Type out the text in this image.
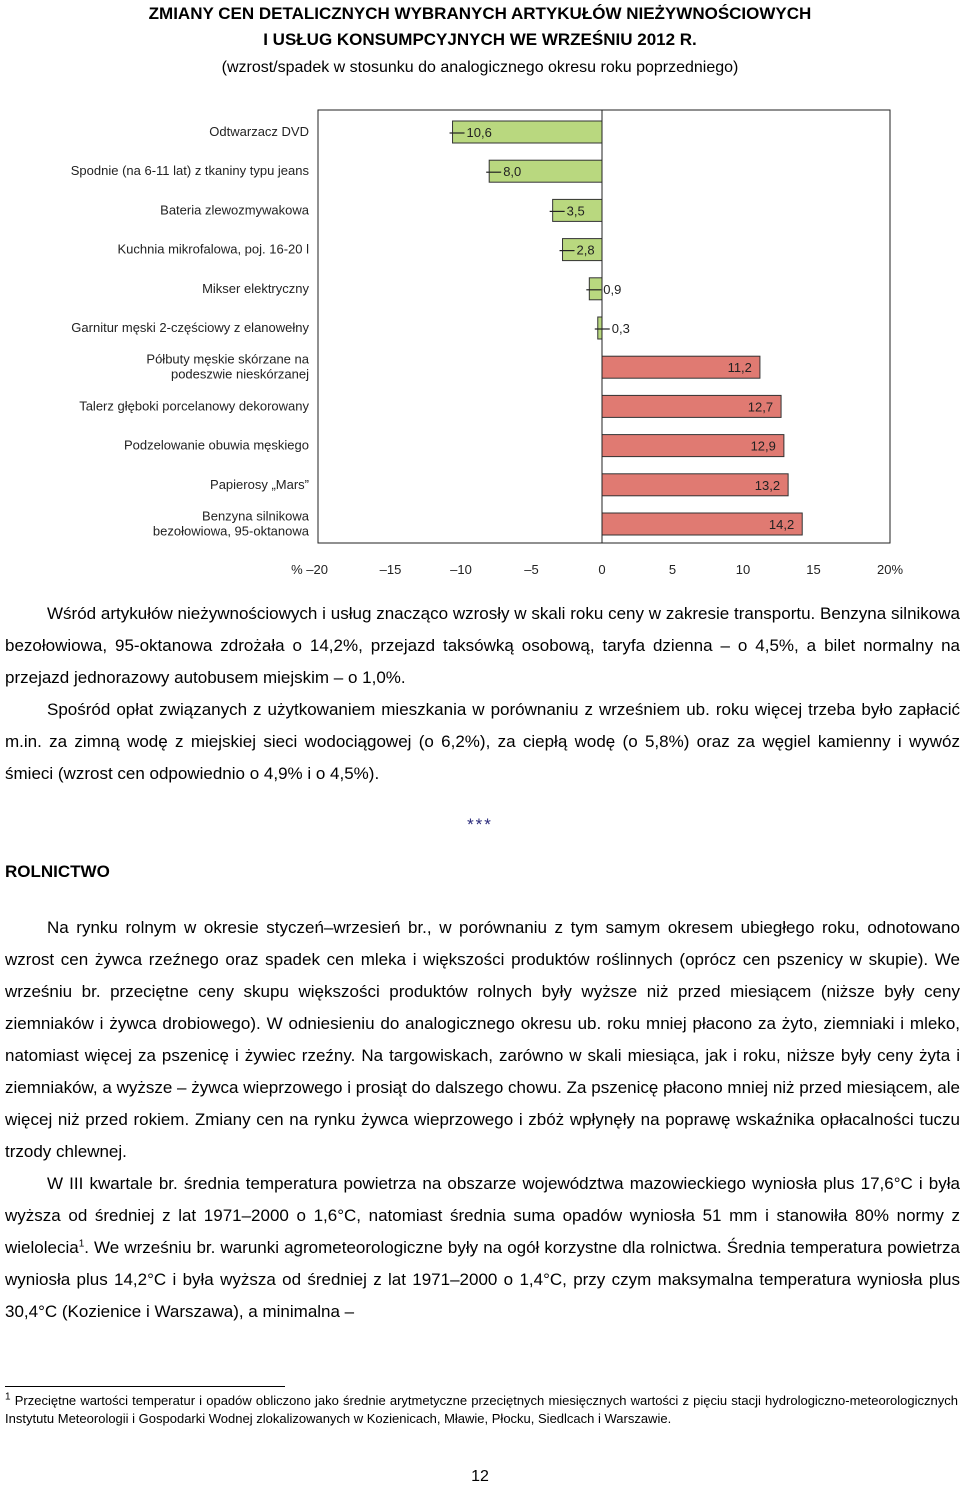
ZMIANY CEN DETALICZNYCH WYBRANYCH ARTYKUŁÓW NIEŻYWNOŚCIOWYCH
I USŁUG KONSUMPCYJNYCH WE WRZEŚNIU 2012 R.
(wzrost/spadek w stosunku do analogicznego okresu roku poprzedniego)
10,6
Odtwarzacz DVD
8,0
Spodnie (na 6-11 lat) z tkaniny typu jeans
3,5
Bateria zlewozmywakowa
2,8
Kuchnia mikrofalowa, poj. 16-20 l
0,9
Mikser elektryczny
0,3
Garnitur męski 2-częściowy z elanowełny
11,2
Półbuty męskie skórzane na
podeszwie nieskórzanej
12,7
Talerz głęboki porcelanowy dekorowany
12,9
Podzelowanie obuwia męskiego
13,2
Papierosy „Mars”
14,2
Benzyna silnikowa
bezołowiowa, 95-oktanowa
% –20	–15	–10	–5	0	5	10	15	20%

Wśród artykułów nieżywnościowych i usług znacząco wzrosły w skali roku ceny w zakresie transportu. Benzyna silnikowa bezołowiowa, 95-oktanowa zdrożała o 14,2%, przejazd taksówką osobową, taryfa dzienna – o 4,5%, a bilet normalny na przejazd jednorazowy autobusem miejskim – o 1,0%.

Spośród opłat związanych z użytkowaniem mieszkania w porównaniu z wrześniem ub. roku więcej trzeba było zapłacić m.in. za zimną wodę z miejskiej sieci wodociągowej (o 6,2%), za ciepłą wodę (o 5,8%) oraz za węgiel kamienny i wywóz śmieci (wzrost cen odpowiednio o 4,9% i o 4,5%).

***
ROLNICTWO

Na rynku rolnym w okresie styczeń–wrzesień br., w porównaniu z tym samym okresem ubiegłego roku, odnotowano wzrost cen żywca rzeźnego oraz spadek cen mleka i większości produktów roślinnych (oprócz cen pszenicy w skupie). We wrześniu br. przeciętne ceny skupu większości produktów rolnych były wyższe niż przed miesiącem (niższe były ceny ziemniaków i żywca drobiowego). W odniesieniu do analogicznego okresu ub. roku mniej płacono za żyto, ziemniaki i mleko, natomiast więcej za pszenicę i żywiec rzeźny. Na targowiskach, zarówno w skali miesiąca, jak i roku, niższe były ceny żyta i ziemniaków, a wyższe – żywca wieprzowego i prosiąt do dalszego chowu. Za pszenicę płacono mniej niż przed miesiącem, ale więcej niż przed rokiem. Zmiany cen na rynku żywca wieprzowego i zbóż wpłynęły na poprawę wskaźnika opłacalności tuczu trzody chlewnej.

W III kwartale br. średnia temperatura powietrza na obszarze województwa mazowieckiego wyniosła plus 17,6°C i była wyższa od średniej z lat 1971–2000 o 1,6°C, natomiast średnia suma opadów wyniosła 51 mm i stanowiła 80% normy z wielolecia$^1$. We wrześniu br. warunki agrometeorologiczne były na ogół korzystne dla rolnictwa. Średnia temperatura powietrza wyniosła plus 14,2°C i była wyższa od średniej z lat 1971–2000 o 1,4°C, przy czym maksymalna temperatura wyniosła plus 30,4°C (Kozienice i Warszawa), a minimalna –

$^1$ Przeciętne wartości temperatur i opadów obliczono jako średnie arytmetyczne przeciętnych miesięcznych wartości z pięciu stacji hydrologiczno-meteorologicznych Instytutu Meteorologii i Gospodarki Wodnej zlokalizowanych w Kozienicach, Mławie, Płocku, Siedlcach i Warszawie.
12
